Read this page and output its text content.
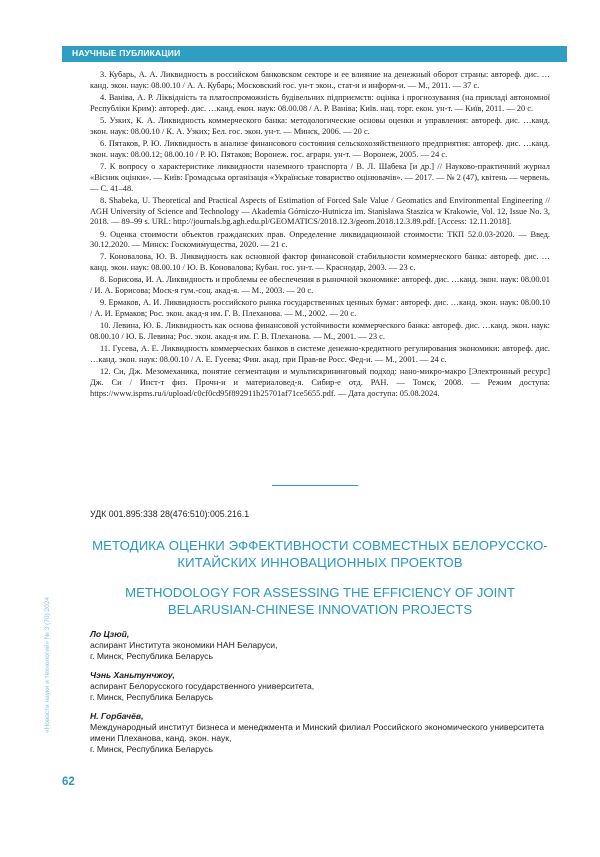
НАУЧНЫЕ ПУБЛИКАЦИИ

3. Кубарь, А. А. Ликвидность в российском банковском секторе и ее влияние на денежный оборот страны: автореф. дис. …канд. экон. наук: 08.00.10 / А. А. Кубарь; Московский гос. ун-т экон., стат-и и информ-и. — М., 2011. — 37 с.

4. Ванiва, А. Р. Ліквідність та платоспроможність будівельних підприємств: оцінка і прогнозування (на прикладі автономної Республіки Крим): автореф. дис. …канд. екон. наук: 08.00.08 / А. Р. Ванiва; Київ. нац. торг. екон. ун-т. — Київ, 2011. — 20 с.

5. Узких, К. А. Ликвидность коммерческого банка: методологические основы оценки и управления: автореф. дис. …канд. экон. наук: 08.00.10 / К. А. Узких; Бел. гос. экон. ун-т. — Минск, 2006. — 20 с.

6. Пятаков, Р. Ю. Ликвидность в анализе финансового состояния сельскохозяйственного предприятия: автореф. дис. …канд. экон. наук: 08.00.12; 08.00.10 / Р. Ю. Пятаков; Воронеж. гос. аграрн. ун-т. — Воронеж, 2005. — 24 с.

7. К вопросу о характеристике ликвидности наземного транспорта / В. Л. Шабека [и др.] // Науково-практичний журнал «Вісник оцінки». — Київ: Громадська організація «Українське товариство оцінювачів». — 2017. — № 2 (47), квітень — червень. — С. 41–48.

8. Shabeka, U. Theoretical and Practical Aspects of Estimation of Forced Sale Value / Geomatics and Environmental Engineering // AGH University of Science and Technology — Akademia Górniczo-Hutnicza im. Stanisława Staszica w Krakowie, Vol. 12, Issue No. 3, 2018. — 89–99 s. URL: http://journals.bg.agh.edu.pl/GEOMATICS/2018.12.3/geom.2018.12.3.89.pdf. [Access: 12.11.2018].

9. Оценка стоимости объектов гражданских прав. Определение ликвидационной стоимости: ТКП 52.0.03-2020. — Введ. 30.12.2020. — Минск: Госкомимущества, 2020. — 21 с.

7. Коновалова, Ю. В. Ликвидность как основной фактор финансовой стабильности коммерческого банка: автореф. дис. …канд. экон. наук: 08.00.10 / Ю. В. Коновалова; Кубан. гос. ун-т. — Краснодар, 2003. — 23 с.

8. Борисова, И. А. Ликвидность и проблемы ее обеспечения в рыночной экономике: автореф. дис. …канд. экон. наук: 08.00.01 / И. А. Борисова; Моск-я гум.-соц. акад-я. — М., 2003. — 20 с.

9. Ермаков, А. И. Ликвидность российского рынка государственных ценных бумаг: автореф. дис. …канд. экон. наук: 08.00.10 / А. И. Ермаков; Рос. экон. акад-я им. Г. В. Плеханова. — М., 2002. — 20 с.

10. Левина, Ю. Б. Ликвидность как основа финансовой устойчивости коммерческого банка: автореф. дис. …канд. экон. наук: 08.00.10 / Ю. Б. Левина; Рос. экон. акад-я им. Г. В. Плеханова. — М., 2001. — 23 с.

11. Гусева, А. Е. Ликвидность коммерческих банков в системе денежно-кредитного регулирования экономики: автореф. дис. …канд. экон. наук: 08.00.10 / А. Е. Гусева; Фин. акад. при Прав-ве Росс. Фед-и. — М., 2001. — 24 с.

12. Си, Дж. Мезомеханика, понятие сегментации и мультискрининговый подход: нано-микро-макро [Электронный ресурс] Дж. Си / Инст-т физ. Прочн-и и материаловед-я. Сибир-е отд. РАН. — Томск, 2008. — Режим доступа: https://www.ispms.ru/i/upload/c0cf0cd95f892911b25701af71ce5655.pdf. — Дата доступа: 05.08.2024.

УДК 001.895:338 28(476:510):005.216.1
МЕТОДИКА ОЦЕНКИ ЭФФЕКТИВНОСТИ СОВМЕСТНЫХ БЕЛОРУССКО-КИТАЙСКИХ ИННОВАЦИОННЫХ ПРОЕКТОВ
METHODOLOGY FOR ASSESSING THE EFFICIENCY OF JOINT BELARUSIAN-CHINESE INNOVATION PROJECTS
Ло Цзюй,
аспирант Института экономики НАН Беларуси,
г. Минск, Республика Беларусь
Чэнь Ханьтунчжоу,
аспирант Белорусского государственного университета,
г. Минск, Республика Беларусь
Н. Горбачёв,
Международный институт бизнеса и менеджмента и Минский филиал Российского экономического университета имени Плеханова, канд. экон. наук,
г. Минск, Республика Беларусь
«Новости науки и технологий» № 3 (70) 2024
62
